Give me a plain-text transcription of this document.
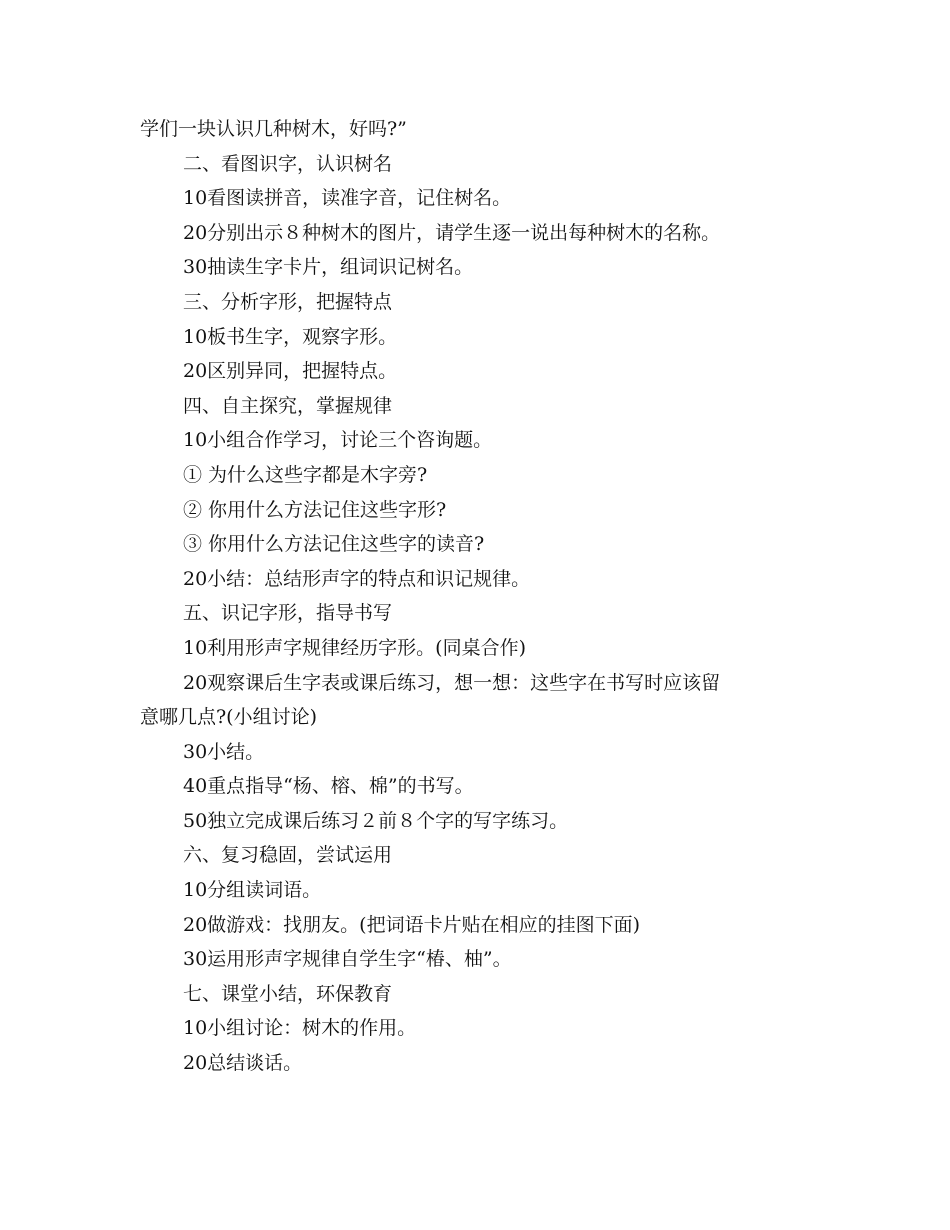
学们一块认识几种树木，好吗?”

二、看图识字，认识树名

10看图读拼音，读准字音，记住树名。

20分别出示８种树木的图片，请学生逐一说出每种树木的名称。

30抽读生字卡片，组词识记树名。

三、分析字形，把握特点

10板书生字，观察字形。

20区别异同，把握特点。

四、自主探究，掌握规律

10小组合作学习，讨论三个咨询题。

① 为什么这些字都是木字旁?

② 你用什么方法记住这些字形?

③ 你用什么方法记住这些字的读音?

20小结：总结形声字的特点和识记规律。

五、识记字形，指导书写

10利用形声字规律经历字形。(同桌合作)

20观察课后生字表或课后练习，想一想：这些字在书写时应该留

意哪几点?(小组讨论)

30小结。

40重点指导“杨、榕、棉”的书写。

50独立完成课后练习２前８个字的写字练习。

六、复习稳固，尝试运用

10分组读词语。

20做游戏：找朋友。(把词语卡片贴在相应的挂图下面)

30运用形声字规律自学生字“椿、柚”。

七、课堂小结，环保教育

10小组讨论：树木的作用。

20总结谈话。
